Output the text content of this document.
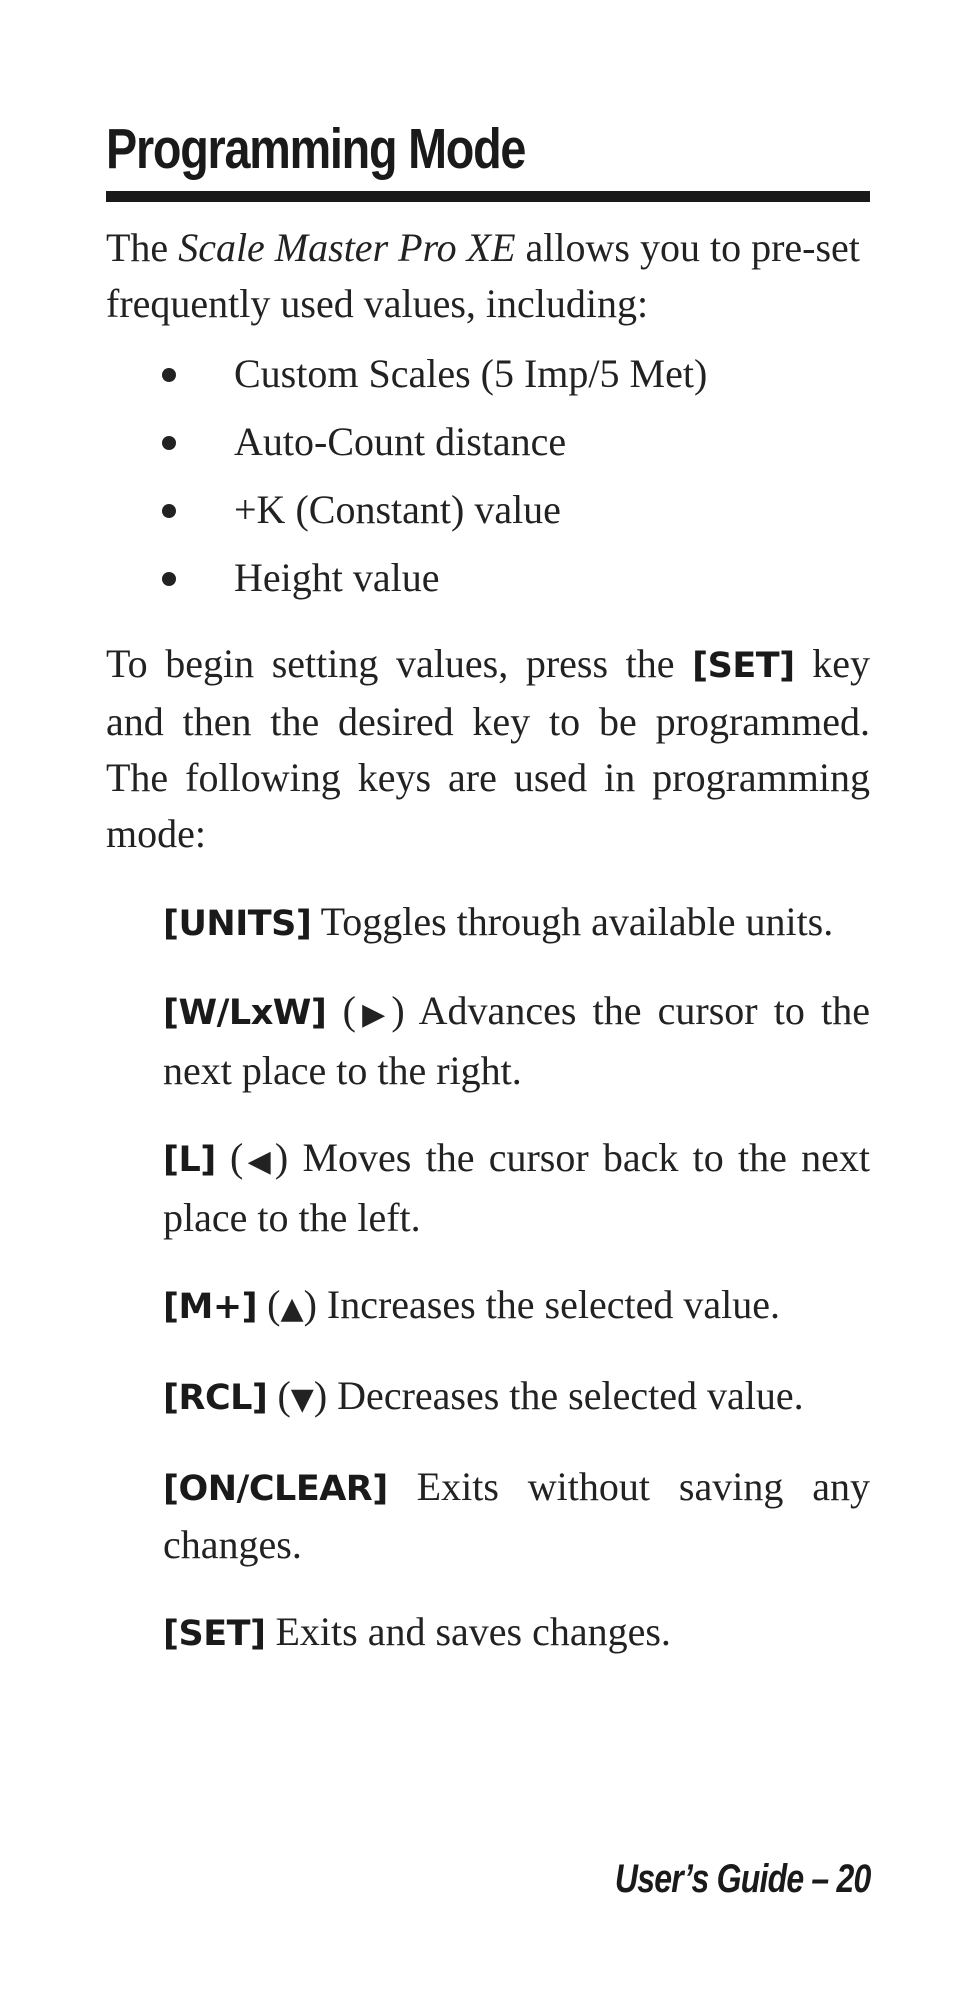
Programming Mode

The Scale Master Pro XE allows you to pre-set frequently used values, including:

Custom Scales (5 Imp/5 Met)
Auto-Count distance
+K (Constant) value
Height value

To begin setting values, press the [SET] key and then the desired key to be programmed. The following keys are used in programming mode:

[UNITS] Toggles through available units.
[W/LxW] (▶) Advances the cursor to the next place to the right.
[L] (◀) Moves the cursor back to the next place to the left.
[M+] (▲) Increases the selected value.
[RCL] (▼) Decreases the selected value.
[ON/CLEAR] Exits without saving any changes.
[SET] Exits and saves changes.
User’s Guide – 20
